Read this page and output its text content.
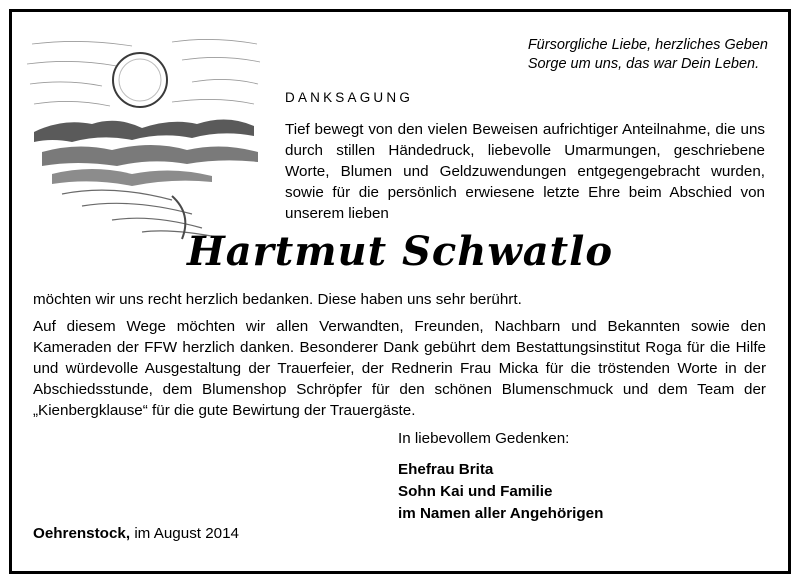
Fürsorgliche Liebe, herzliches Geben
Sorge um uns, das war Dein Leben.
DANKSAGUNG
Tief bewegt von den vielen Beweisen aufrichtiger Anteilnahme, die uns durch stillen Händedruck, liebevolle Umarmungen, geschriebene Worte, Blumen und Geldzuwendungen entgegengebracht wurden, sowie für die persönlich erwiesene letzte Ehre beim Abschied von unserem lieben
Hartmut Schwatlo
möchten wir uns recht herzlich bedanken. Diese haben uns sehr berührt.
Auf diesem Wege möchten wir allen Verwandten, Freunden, Nachbarn und Bekannten sowie den Kameraden der FFW herzlich danken. Besonderer Dank gebührt dem Bestattungsinstitut Roga für die Hilfe und würdevolle Ausgestaltung der Trauerfeier, der Rednerin Frau Micka für die tröstenden Worte in der Abschiedsstunde, dem Blumenshop Schröpfer für den schönen Blumenschmuck und dem Team der „Kienbergklause“ für die gute Bewirtung der Trauergäste.
In liebevollem Gedenken:
Ehefrau Brita
Sohn Kai und Familie
im Namen aller Angehörigen
Oehrenstock, im August 2014
